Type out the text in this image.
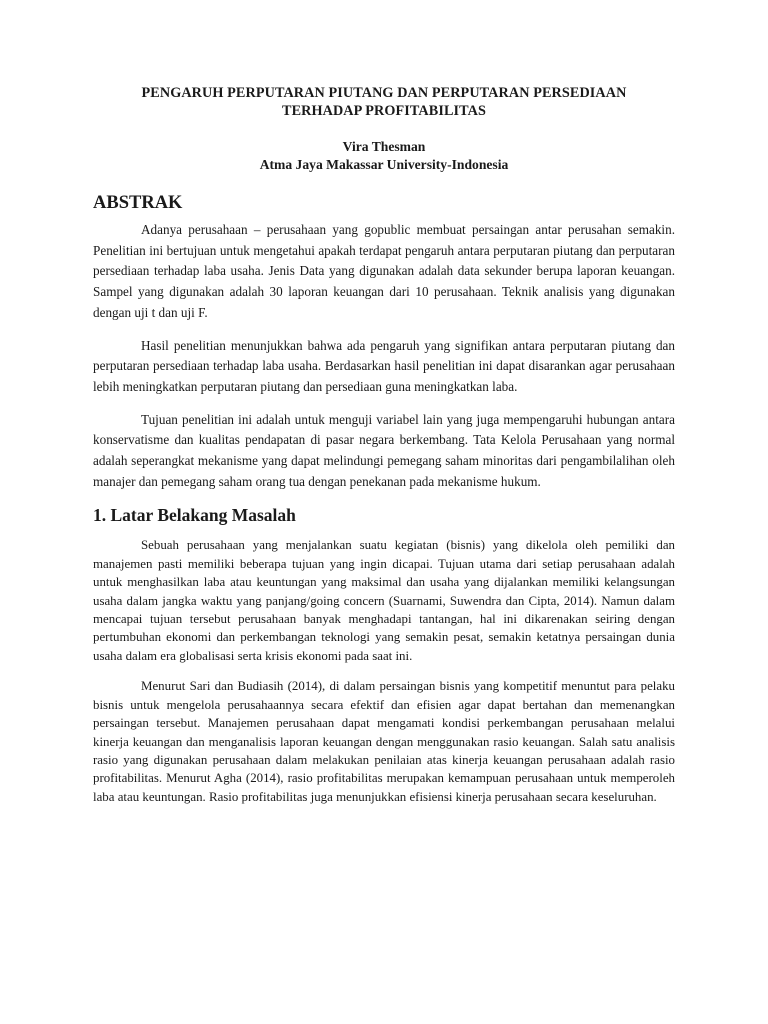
PENGARUH PERPUTARAN PIUTANG DAN PERPUTARAN PERSEDIAAN
TERHADAP PROFITABILITAS
Vira Thesman
Atma Jaya Makassar University-Indonesia
ABSTRAK

Adanya perusahaan – perusahaan yang gopublic membuat persaingan antar perusahan semakin. Penelitian ini bertujuan untuk mengetahui apakah terdapat pengaruh antara perputaran piutang dan perputaran persediaan terhadap laba usaha. Jenis Data yang digunakan adalah data sekunder berupa laporan keuangan. Sampel yang digunakan adalah 30 laporan keuangan dari 10 perusahaan. Teknik analisis yang digunakan dengan uji t dan uji F.

Hasil penelitian menunjukkan bahwa ada pengaruh yang signifikan antara perputaran piutang dan perputaran persediaan terhadap laba usaha. Berdasarkan hasil penelitian ini dapat disarankan agar perusahaan lebih meningkatkan perputaran piutang dan persediaan guna meningkatkan laba.

Tujuan penelitian ini adalah untuk menguji variabel lain yang juga mempengaruhi hubungan antara konservatisme dan kualitas pendapatan di pasar negara berkembang. Tata Kelola Perusahaan yang normal adalah seperangkat mekanisme yang dapat melindungi pemegang saham minoritas dari pengambilalihan oleh manajer dan pemegang saham orang tua dengan penekanan pada mekanisme hukum.

1. Latar Belakang Masalah

Sebuah perusahaan yang menjalankan suatu kegiatan (bisnis) yang dikelola oleh pemiliki dan manajemen pasti memiliki beberapa tujuan yang ingin dicapai. Tujuan utama dari setiap perusahaan adalah untuk menghasilkan laba atau keuntungan yang maksimal dan usaha yang dijalankan memiliki kelangsungan usaha dalam jangka waktu yang panjang/going concern (Suarnami, Suwendra dan Cipta, 2014). Namun dalam mencapai tujuan tersebut perusahaan banyak menghadapi tantangan, hal ini dikarenakan seiring dengan pertumbuhan ekonomi dan perkembangan teknologi yang semakin pesat, semakin ketatnya persaingan dunia usaha dalam era globalisasi serta krisis ekonomi pada saat ini.

Menurut Sari dan Budiasih (2014), di dalam persaingan bisnis yang kompetitif menuntut para pelaku bisnis untuk mengelola perusahaannya secara efektif dan efisien agar dapat bertahan dan memenangkan persaingan tersebut. Manajemen perusahaan dapat mengamati kondisi perkembangan perusahaan melalui kinerja keuangan dan menganalisis laporan keuangan dengan menggunakan rasio keuangan. Salah satu analisis rasio yang digunakan perusahaan dalam melakukan penilaian atas kinerja keuangan perusahaan adalah rasio profitabilitas. Menurut Agha (2014), rasio profitabilitas merupakan kemampuan perusahaan untuk memperoleh laba atau keuntungan. Rasio profitabilitas juga menunjukkan efisiensi kinerja perusahaan secara keseluruhan.
